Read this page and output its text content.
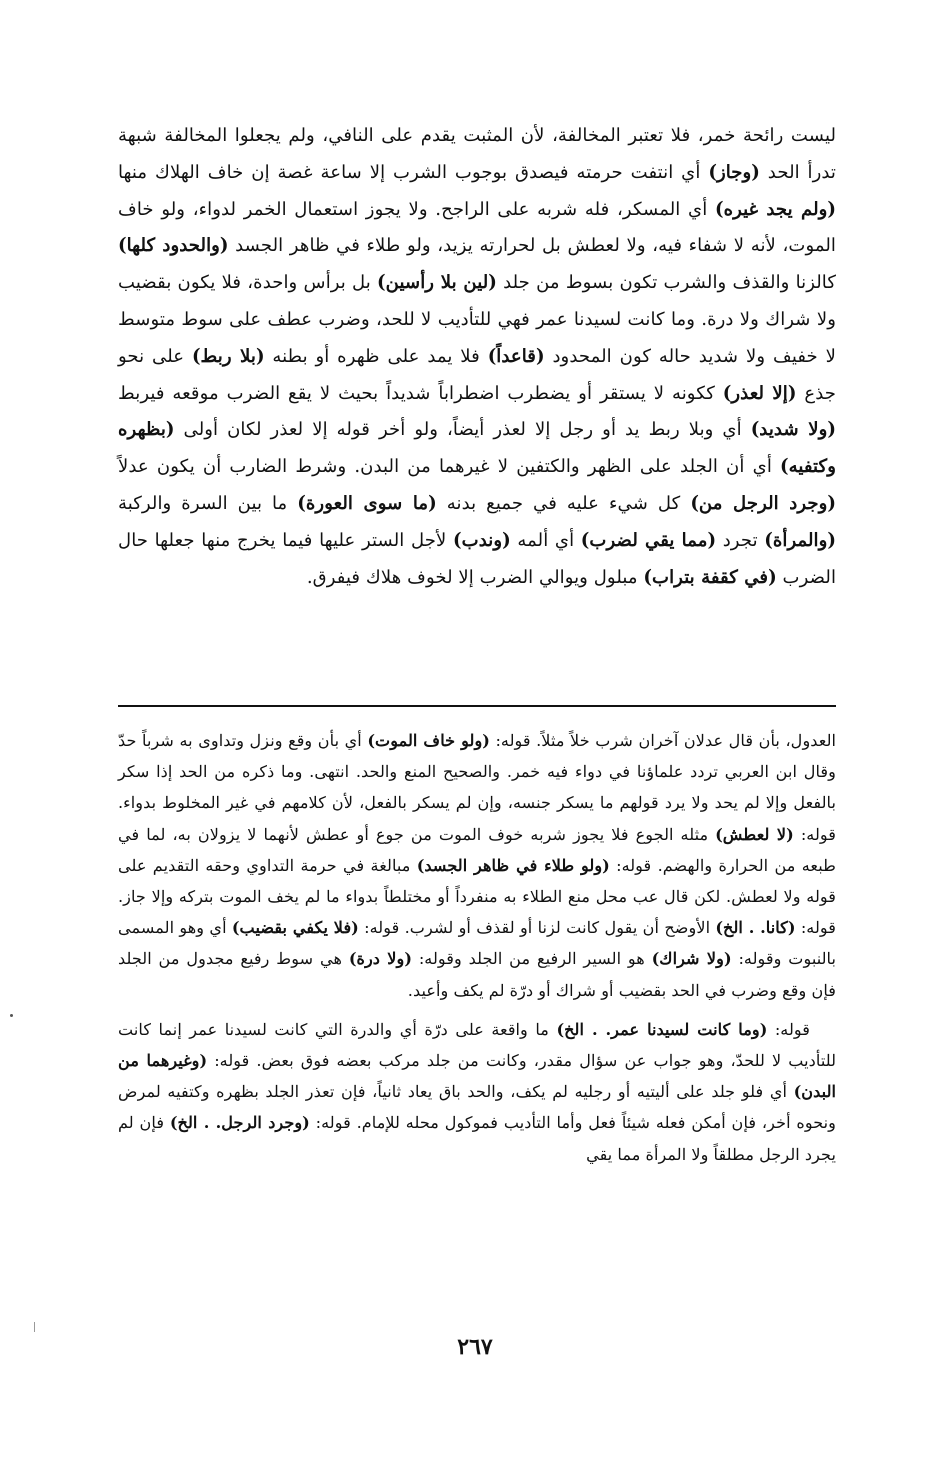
ليست رائحة خمر، فلا تعتبر المخالفة، لأن المثبت يقدم على النافي، ولم يجعلوا المخالفة شبهة تدرأ الحد (وجاز) أي انتفت حرمته فيصدق بوجوب الشرب إلا ساعة غصة إن خاف الهلاك منها (ولم يجد غيره) أي المسكر، فله شربه على الراجح. ولا يجوز استعمال الخمر لدواء، ولو خاف الموت، لأنه لا شفاء فيه، ولا لعطش بل لحرارته يزيد، ولو طلاء في ظاهر الجسد (والحدود كلها) كالزنا والقذف والشرب تكون بسوط من جلد (لين بلا رأسين) بل برأس واحدة، فلا يكون بقضيب ولا شراك ولا درة. وما كانت لسيدنا عمر فهي للتأديب لا للحد، وضرب عطف على سوط متوسط لا خفيف ولا شديد حاله كون المحدود (قاعداً) فلا يمد على ظهره أو بطنه (بلا ربط) على نحو جذع (إلا لعذر) ككونه لا يستقر أو يضطرب اضطراباً شديداً بحيث لا يقع الضرب موقعه فيربط (ولا شديد) أي وبلا ربط يد أو رجل إلا لعذر أيضاً، ولو أخر قوله إلا لعذر لكان أولى (بظهره وكتفيه) أي أن الجلد على الظهر والكتفين لا غيرهما من البدن. وشرط الضارب أن يكون عدلاً (وجرد الرجل من) كل شيء عليه في جميع بدنه (ما سوى العورة) ما بين السرة والركبة (والمرأة) تجرد (مما يقي لضرب) أي ألمه (وندب) لأجل الستر عليها فيما يخرج منها جعلها حال الضرب (في كقفة بتراب) مبلول ويوالي الضرب إلا لخوف هلاك فيفرق.

العدول، بأن قال عدلان آخران شرب خلاً مثلاً. قوله: (ولو خاف الموت) أي بأن وقع ونزل وتداوى به شرباً حدّ وقال ابن العربي تردد علماؤنا في دواء فيه خمر. والصحيح المنع والحد. انتهى. وما ذكره من الحد إذا سكر بالفعل وإلا لم يحد ولا يرد قولهم ما يسكر جنسه، وإن لم يسكر بالفعل، لأن كلامهم في غير المخلوط بدواء. قوله: (لا لعطش) مثله الجوع فلا يجوز شربه خوف الموت من جوع أو عطش لأنهما لا يزولان به، لما في طبعه من الحرارة والهضم. قوله: (ولو طلاء في ظاهر الجسد) مبالغة في حرمة التداوي وحقه التقديم على قوله ولا لعطش. لكن قال عب محل منع الطلاء به منفرداً أو مختلطاً بدواء ما لم يخف الموت بتركه وإلا جاز. قوله: (كانا. . الخ) الأوضح أن يقول كانت لزنا أو لقذف أو لشرب. قوله: (فلا يكفي بقضيب) أي وهو المسمى بالنبوت وقوله: (ولا شراك) هو السير الرفيع من الجلد وقوله: (ولا درة) هي سوط رفيع مجدول من الجلد فإن وقع وضرب في الحد بقضيب أو شراك أو درّة لم يكف وأعيد.

قوله: (وما كانت لسيدنا عمر. . الخ) ما واقعة على درّة أي والدرة التي كانت لسيدنا عمر إنما كانت للتأديب لا للحدّ، وهو جواب عن سؤال مقدر، وكانت من جلد مركب بعضه فوق بعض. قوله: (وغيرهما من البدن) أي فلو جلد على أليتيه أو رجليه لم يكف، والحد باق يعاد ثانياً، فإن تعذر الجلد بظهره وكتفيه لمرض ونحوه أخر، فإن أمكن فعله شيئاً فعل وأما التأديب فموكول محله للإمام. قوله: (وجرد الرجل. . الخ) فإن لم يجرد الرجل مطلقاً ولا المرأة مما يقي

٢٦٧
